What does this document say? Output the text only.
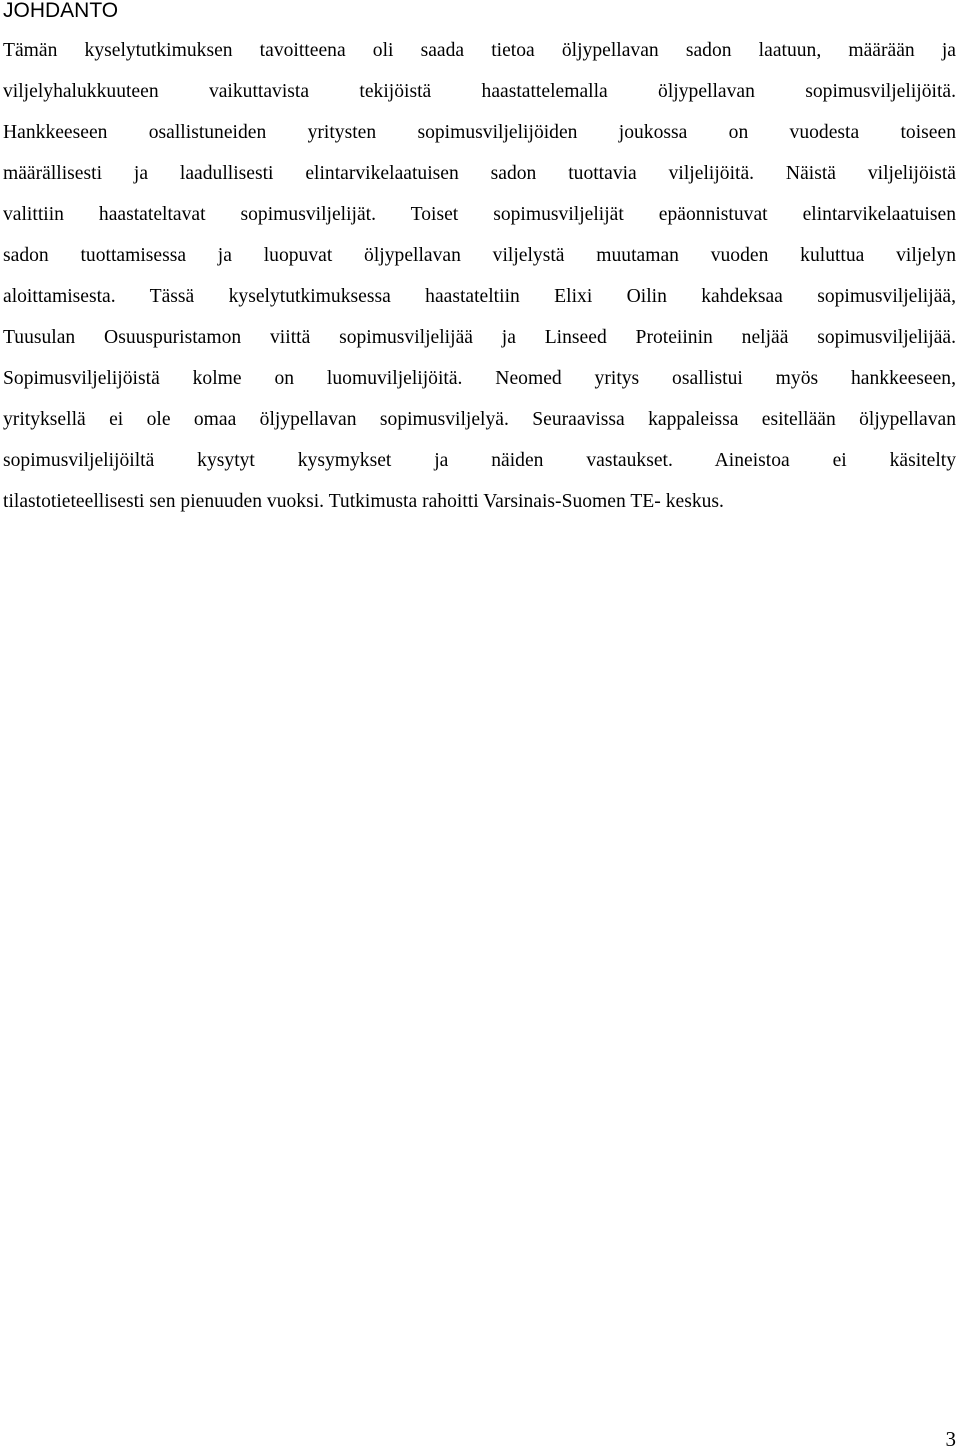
JOHDANTO
Tämän kyselytutkimuksen tavoitteena oli saada tietoa öljypellavan sadon laatuun, määrään ja
viljelyhalukkuuteen vaikuttavista tekijöistä haastattelemalla öljypellavan sopimusviljelijöitä.
Hankkeeseen osallistuneiden yritysten sopimusviljelijöiden joukossa on vuodesta toiseen
määrällisesti ja laadullisesti elintarvikelaatuisen sadon tuottavia viljelijöitä. Näistä viljelijöistä
valittiin haastateltavat sopimusviljelijät. Toiset sopimusviljelijät epäonnistuvat elintarvikelaatuisen
sadon tuottamisessa ja luopuvat öljypellavan viljelystä muutaman vuoden kuluttua viljelyn
aloittamisesta. Tässä kyselytutkimuksessa haastateltiin Elixi Oilin kahdeksaa sopimusviljelijää,
Tuusulan Osuuspuristamon viittä sopimusviljelijää ja Linseed Proteiinin neljää sopimusviljelijää.
Sopimusviljelijöistä kolme on luomuviljelijöitä. Neomed yritys osallistui myös hankkeeseen,
yrityksellä ei ole omaa öljypellavan sopimusviljelyä. Seuraavissa kappaleissa esitellään öljypellavan
sopimusviljelijöiltä kysytyt kysymykset ja näiden vastaukset. Aineistoa ei käsitelty
tilastotieteellisesti sen pienuuden vuoksi. Tutkimusta rahoitti Varsinais-Suomen TE- keskus.
3
